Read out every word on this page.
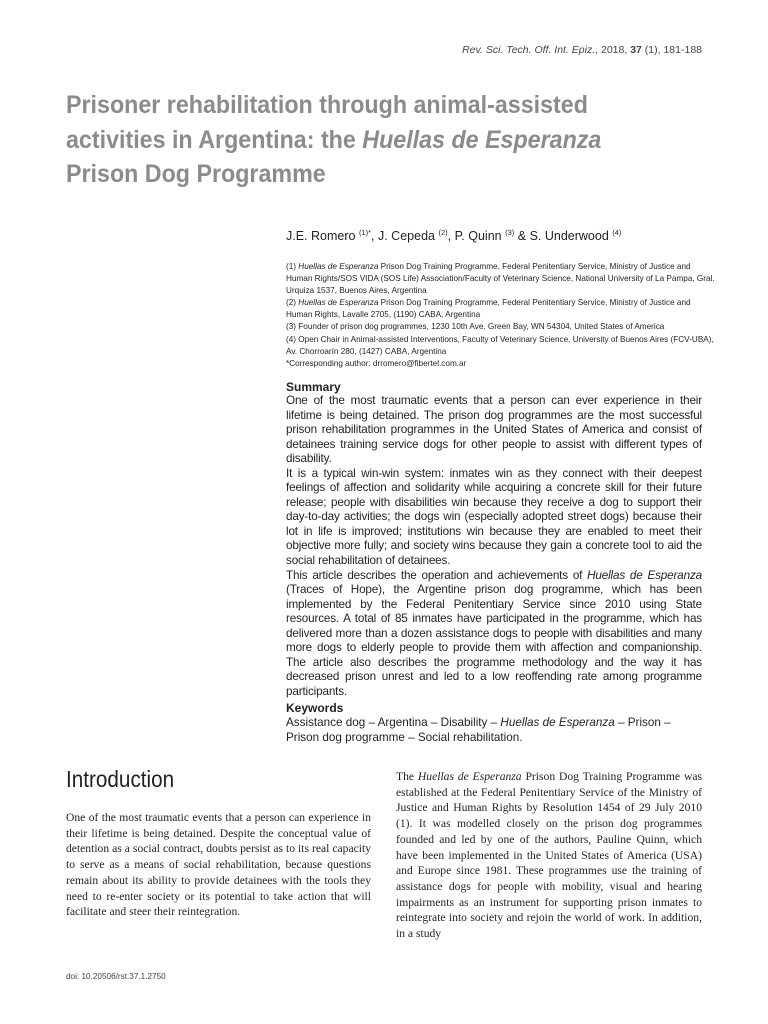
Rev. Sci. Tech. Off. Int. Epiz., 2018, 37 (1), 181-188
Prisoner rehabilitation through animal-assisted activities in Argentina: the Huellas de Esperanza Prison Dog Programme
J.E. Romero $^{(1)*}$, J. Cepeda $^{(2)}$, P. Quinn $^{(3)}$ & S. Underwood $^{(4)}$

(1) Huellas de Esperanza Prison Dog Training Programme, Federal Penitentiary Service, Ministry of Justice and Human Rights/SOS VIDA (SOS Life) Association/Faculty of Veterinary Science, National University of La Pampa, Gral. Urquiza 1537, Buenos Aires, Argentina

(2) Huellas de Esperanza Prison Dog Training Programme, Federal Penitentiary Service, Ministry of Justice and Human Rights, Lavalle 2705, (1190) CABA, Argentina

(3) Founder of prison dog programmes, 1230 10th Ave. Green Bay, WN 54304, United States of America

(4) Open Chair in Animal-assisted Interventions, Faculty of Veterinary Science, University of Buenos Aires (FCV-UBA), Av. Chorroarín 280, (1427) CABA, Argentina

*Corresponding author: drromero@fibertel.com.ar

Summary

One of the most traumatic events that a person can ever experience in their lifetime is being detained. The prison dog programmes are the most successful prison rehabilitation programmes in the United States of America and consist of detainees training service dogs for other people to assist with different types of disability.

It is a typical win-win system: inmates win as they connect with their deepest feelings of affection and solidarity while acquiring a concrete skill for their future release; people with disabilities win because they receive a dog to support their day-to-day activities; the dogs win (especially adopted street dogs) because their lot in life is improved; institutions win because they are enabled to meet their objective more fully; and society wins because they gain a concrete tool to aid the social rehabilitation of detainees.

This article describes the operation and achievements of Huellas de Esperanza (Traces of Hope), the Argentine prison dog programme, which has been implemented by the Federal Penitentiary Service since 2010 using State resources. A total of 85 inmates have participated in the programme, which has delivered more than a dozen assistance dogs to people with disabilities and many more dogs to elderly people to provide them with affection and companionship. The article also describes the programme methodology and the way it has decreased prison unrest and led to a low reoffending rate among programme participants.

Keywords
Assistance dog – Argentina – Disability – Huellas de Esperanza – Prison – Prison dog programme – Social rehabilitation.
Introduction
One of the most traumatic events that a person can experience in their lifetime is being detained. Despite the conceptual value of detention as a social contract, doubts persist as to its real capacity to serve as a means of social rehabilitation, because questions remain about its ability to provide detainees with the tools they need to re-enter society or its potential to take action that will facilitate and steer their reintegration.
The Huellas de Esperanza Prison Dog Training Programme was established at the Federal Penitentiary Service of the Ministry of Justice and Human Rights by Resolution 1454 of 29 July 2010 (1). It was modelled closely on the prison dog programmes founded and led by one of the authors, Pauline Quinn, which have been implemented in the United States of America (USA) and Europe since 1981. These programmes use the training of assistance dogs for people with mobility, visual and hearing impairments as an instrument for supporting prison inmates to reintegrate into society and rejoin the world of work. In addition, in a study
doi: 10.20506/rst.37.1.2750
